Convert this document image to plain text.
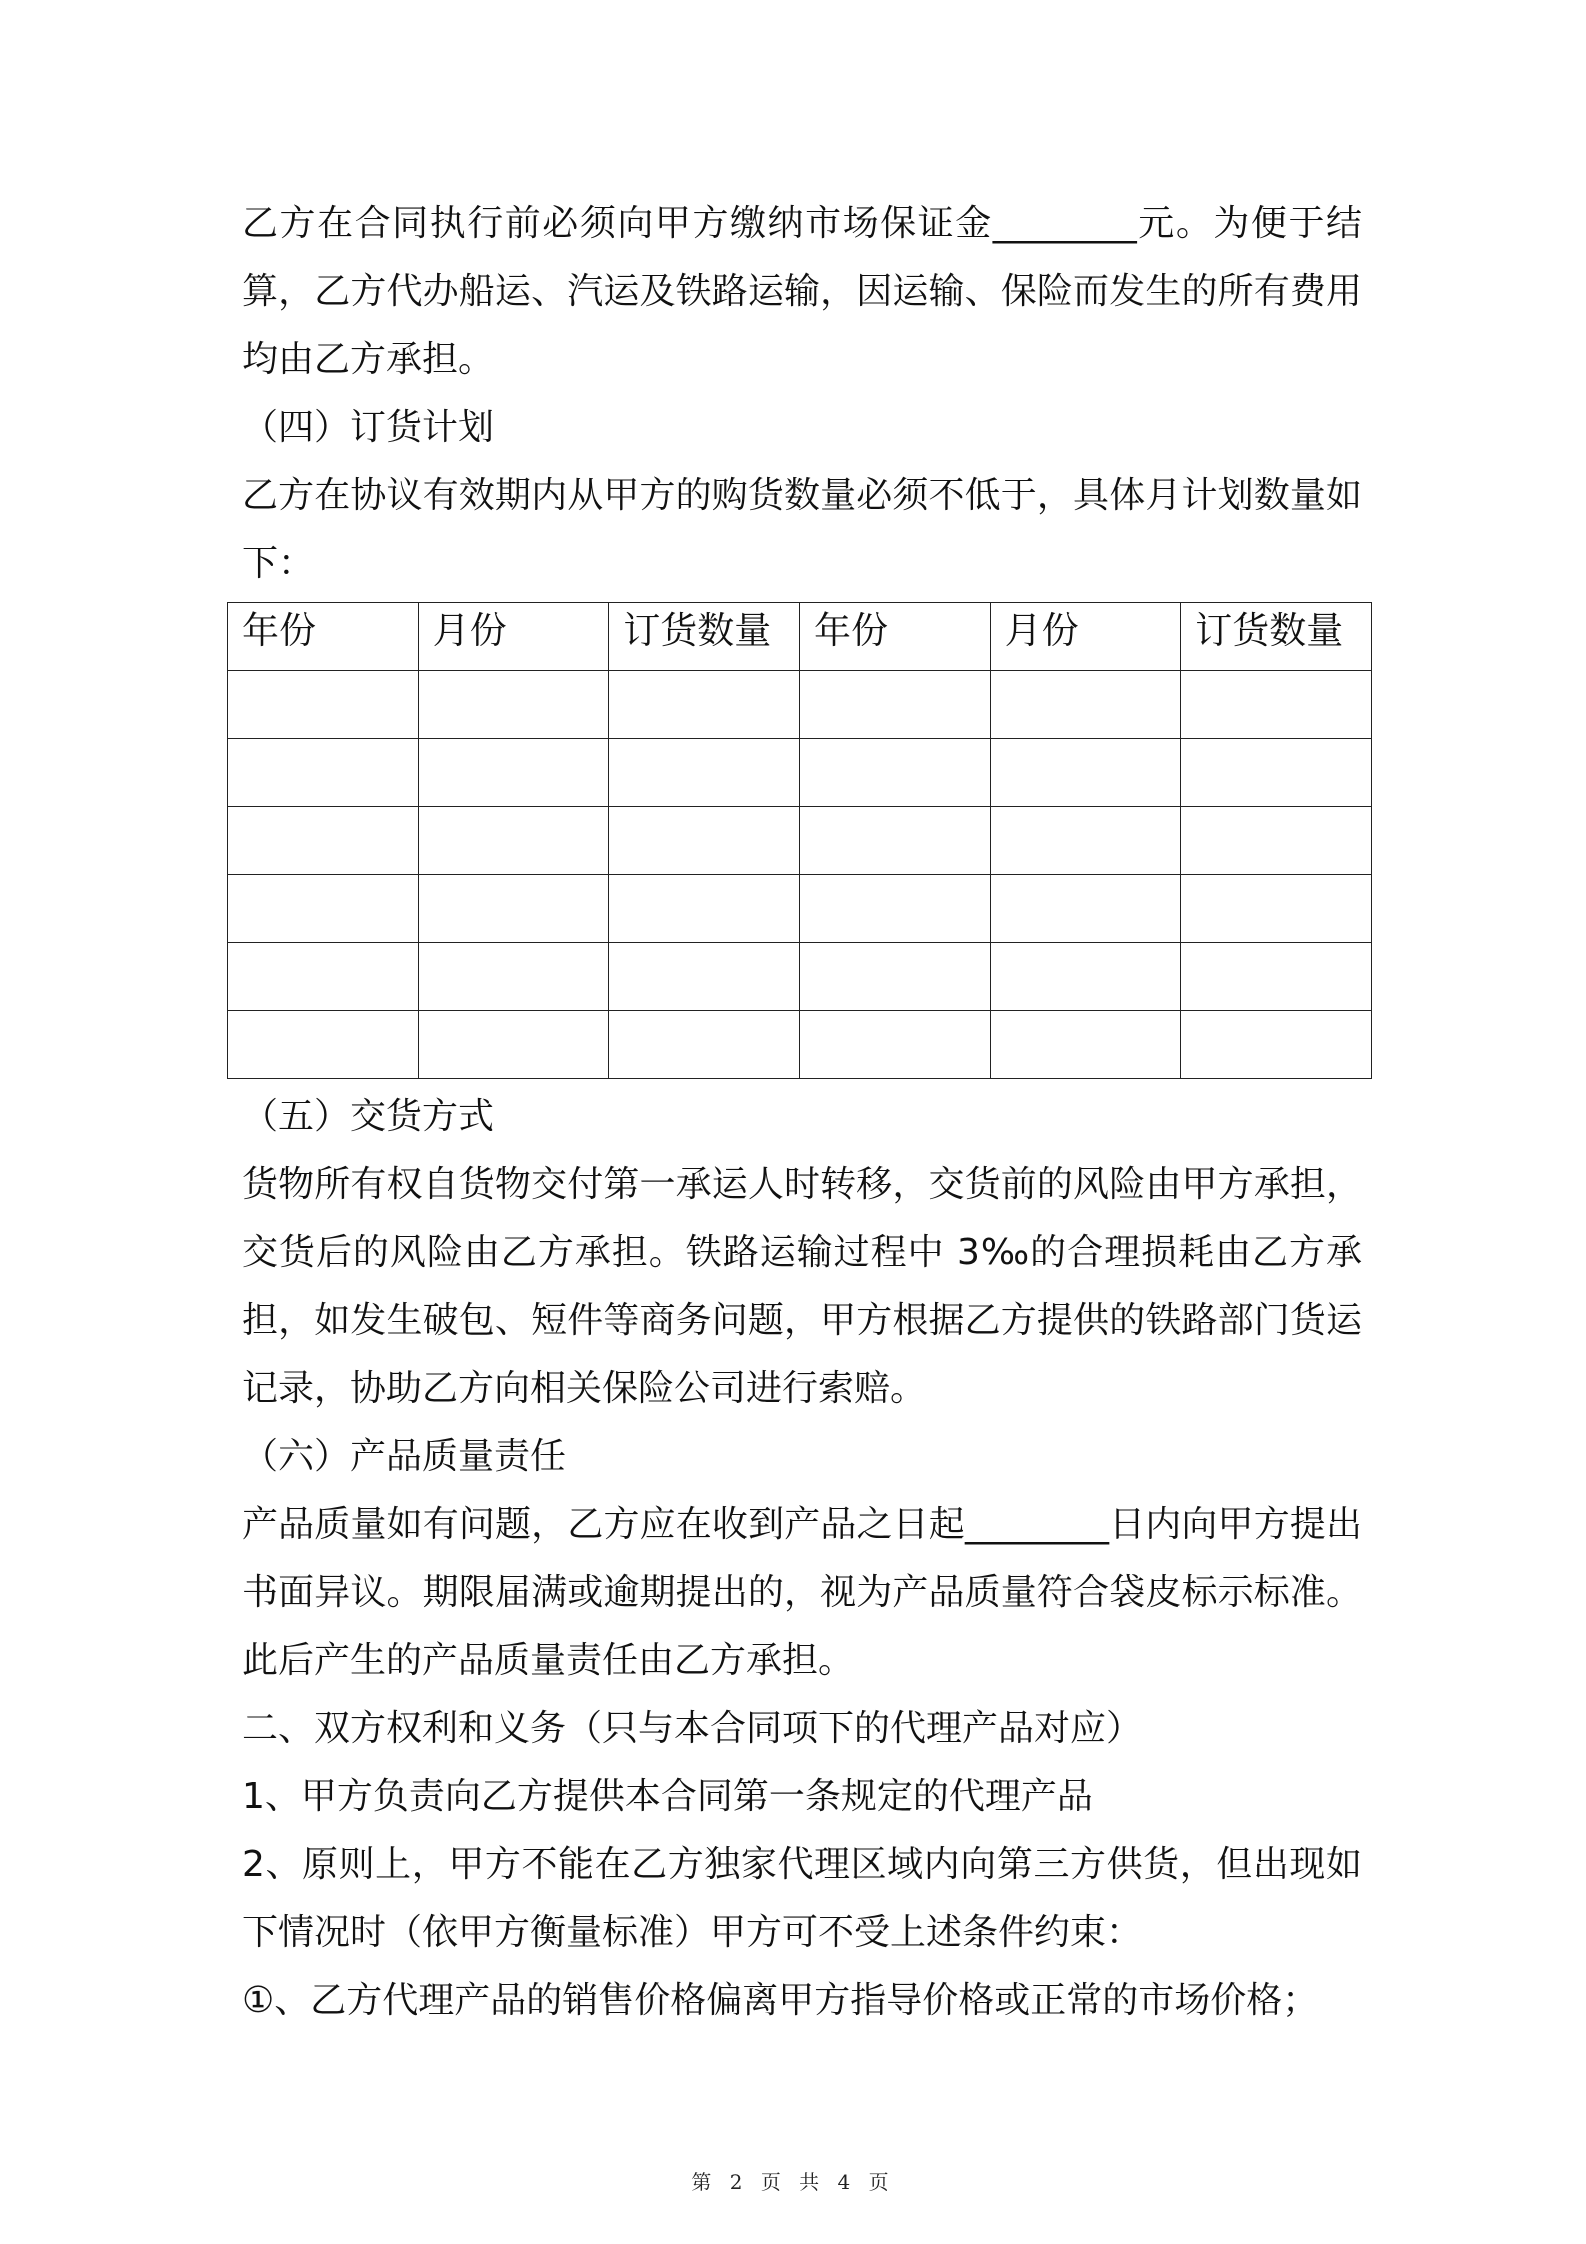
乙方在合同执行前必须向甲方缴纳市场保证金________元。为便于结算，乙方代办船运、汽运及铁路运输，因运输、保险而发生的所有费用均由乙方承担。

（四）订货计划

乙方在协议有效期内从甲方的购货数量必须不低于，具体月计划数量如下：

年份	月份	订货数量	年份	月份	订货数量

（五）交货方式

货物所有权自货物交付第一承运人时转移，交货前的风险由甲方承担，交货后的风险由乙方承担。铁路运输过程中 3‰的合理损耗由乙方承担，如发生破包、短件等商务问题，甲方根据乙方提供的铁路部门货运记录，协助乙方向相关保险公司进行索赔。

（六）产品质量责任

产品质量如有问题，乙方应在收到产品之日起________日内向甲方提出书面异议。期限届满或逾期提出的，视为产品质量符合袋皮标示标准。此后产生的产品质量责任由乙方承担。

二、双方权利和义务（只与本合同项下的代理产品对应）

1、甲方负责向乙方提供本合同第一条规定的代理产品

2、原则上，甲方不能在乙方独家代理区域内向第三方供货，但出现如下情况时（依甲方衡量标准）甲方可不受上述条件约束：

①、乙方代理产品的销售价格偏离甲方指导价格或正常的市场价格；

第 2 页 共 4 页
